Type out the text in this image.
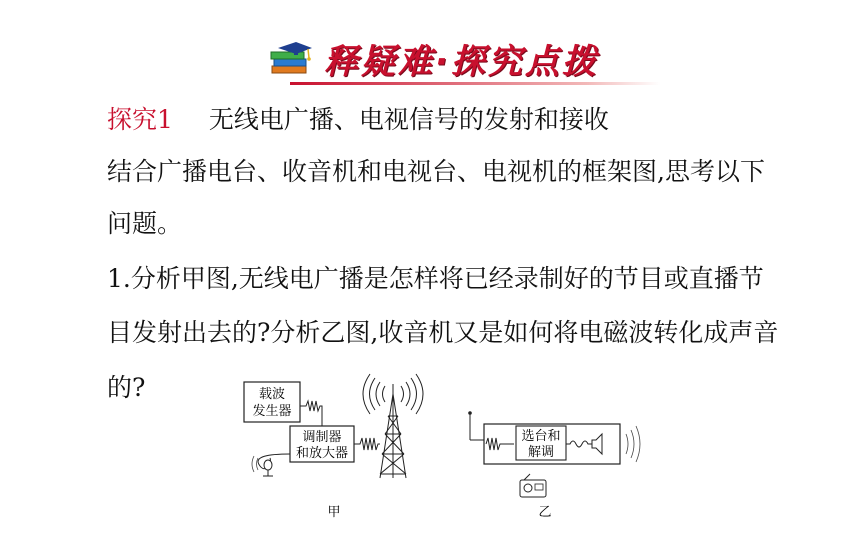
释疑难·探究点拨
探究1 无线电广播、电视信号的发射和接收
结合广播电台、收音机和电视台、电视机的框架图,思考以下
问题。
1.分析甲图,无线电广播是怎样将已经录制好的节目或直播节
目发射出去的?分析乙图,收音机又是如何将电磁波转化成声音
的?	载波
发生器
调制器
和放大器
甲
选台和
解调
乙
